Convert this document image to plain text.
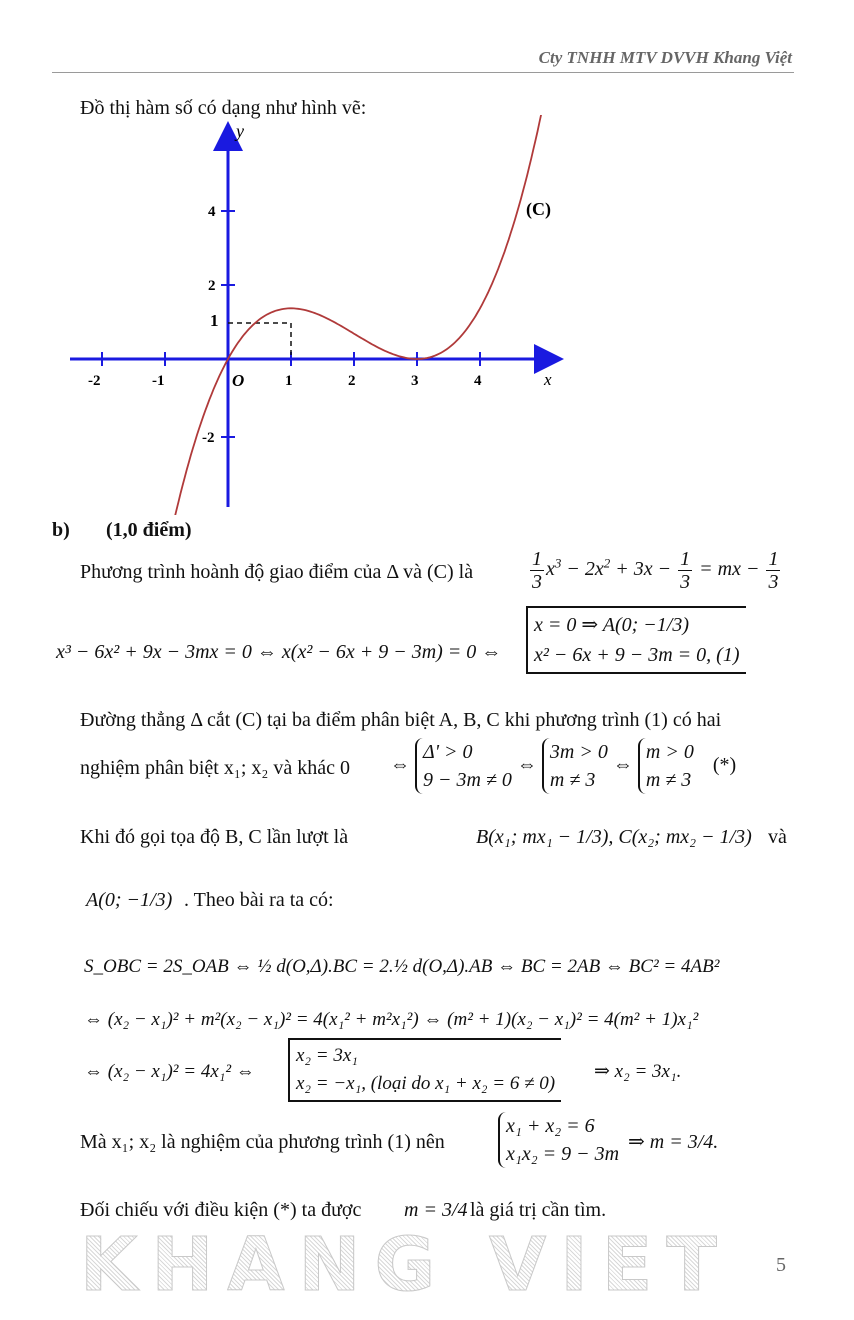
Cty TNHH MTV DVVH Khang Việt
Đồ thị hàm số có dạng như hình vẽ:
-2	-1	1	2	3	4
4
2
1
-2
O	x
y
(C)
b) (1,0 điểm)
Phương trình hoành độ giao điểm của Δ và (C) là	$\frac{1}{3} x^3 - 2x^2 + 3x - \frac{1}{3}$ = mx − $\frac{1}{3}$
x³ − 6x² + 9x − 3mx = 0 ⇔ x(x² − 6x + 9 − 3m) = 0 ⇔
x = 0 ⇒ A(0; −1/3)
x² − 6x + 9 − 3m = 0, (1)
Đường thẳng Δ cắt (C) tại ba điểm phân biệt A, B, C khi phương trình (1) có hai
nghiệm phân biệt x₁; x₂ và khác 0 ⇔
Δ' > 0
9 − 3m ≠ 0
⇔
3m > 0
m ≠ 3
⇔
m > 0
m ≠ 3
(*)
Khi đó gọi tọa độ B, C lần lượt là	B(x₁; mx₁ − 1/3), C(x₂; mx₂ − 1/3) và
A(0; −1/3) . Theo bài ra ta có:
S_OBC = 2S_OAB ⇔ ½ d(O,Δ).BC = 2.½ d(O,Δ).AB ⇔ BC = 2AB ⇔ BC² = 4AB²
⇔ (x₂ − x₁)² + m²(x₂ − x₁)² = 4(x₁² + m²x₁²) ⇔ (m² + 1)(x₂ − x₁)² = 4(m² + 1)x₁²
⇔ (x₂ − x₁)² = 4x₁² ⇔
x₂ = 3x₁
x₂ = −x₁, (loại do x₁ + x₂ = 6 ≠ 0)
⇒ x₂ = 3x₁.
Mà x₁; x₂ là nghiệm của phương trình (1) nên
x₁ + x₂ = 6
x₁x₂ = 9 − 3m
⇒ m = 3/4.
Đối chiếu với điều kiện (*) ta được m = 3/4 là giá trị cần tìm.
KHANG VIET 5
